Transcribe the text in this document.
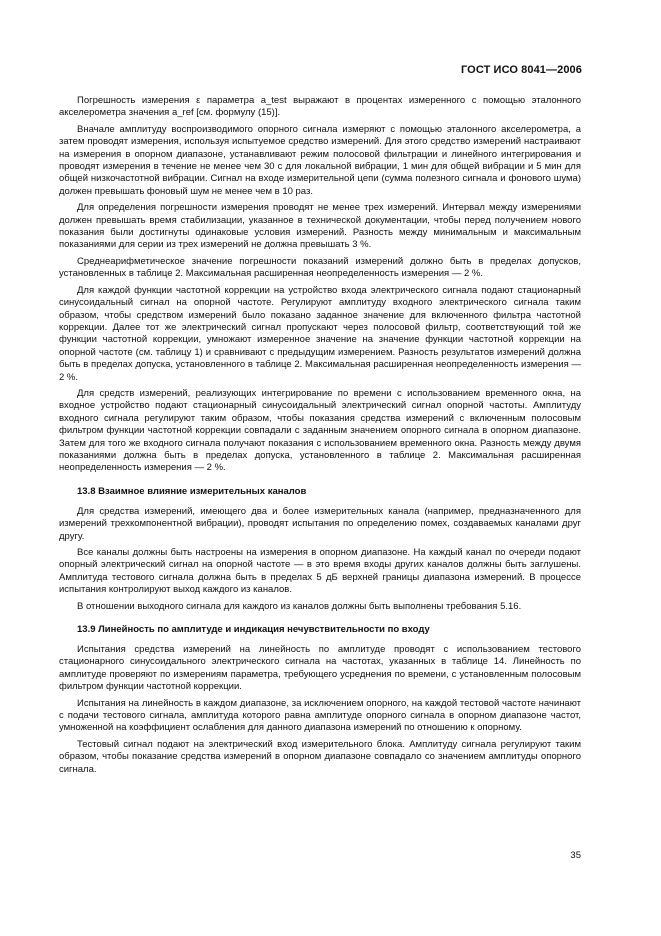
ГОСТ ИСО 8041—2006

Погрешность измерения ε параметра a_test выражают в процентах измеренного с помощью эталонного акселерометра значения a_ref [см. формулу (15)].

Вначале амплитуду воспроизводимого опорного сигнала измеряют с помощью эталонного акселерометра, а затем проводят измерения, используя испытуемое средство измерений. Для этого средство измерений настраивают на измерения в опорном диапазоне, устанавливают режим полосовой фильтрации и линейного интегрирования и проводят измерения в течение не менее чем 30 с для локальной вибрации, 1 мин для общей вибрации и 5 мин для общей низкочастотной вибрации. Сигнал на входе измерительной цепи (сумма полезного сигнала и фонового шума) должен превышать фоновый шум не менее чем в 10 раз.

Для определения погрешности измерения проводят не менее трех измерений. Интервал между измерениями должен превышать время стабилизации, указанное в технической документации, чтобы перед получением нового показания были достигнуты одинаковые условия измерений. Разность между минимальным и максимальным показаниями для серии из трех измерений не должна превышать 3 %.

Среднеарифметическое значение погрешности показаний измерений должно быть в пределах допусков, установленных в таблице 2. Максимальная расширенная неопределенность измерения — 2 %.

Для каждой функции частотной коррекции на устройство входа электрического сигнала подают стационарный синусоидальный сигнал на опорной частоте. Регулируют амплитуду входного электрического сигнала таким образом, чтобы средством измерений было показано заданное значение для включенного фильтра частотной коррекции. Далее тот же электрический сигнал пропускают через полосовой фильтр, соответствующий той же функции частотной коррекции, умножают измеренное значение на значение функции частотной коррекции на опорной частоте (см. таблицу 1) и сравнивают с предыдущим измерением. Разность результатов измерений должна быть в пределах допуска, установленного в таблице 2. Максимальная расширенная неопределенность измерения — 2 %.

Для средств измерений, реализующих интегрирование по времени с использованием временного окна, на входное устройство подают стационарный синусоидальный электрический сигнал опорной частоты. Амплитуду входного сигнала регулируют таким образом, чтобы показания средства измерений с включенным полосовым фильтром функции частотной коррекции совпадали с заданным значением опорного сигнала в опорном диапазоне. Затем для того же входного сигнала получают показания с использованием временного окна. Разность между двумя показаниями должна быть в пределах допуска, установленного в таблице 2. Максимальная расширенная неопределенность измерения — 2 %.

13.8 Взаимное влияние измерительных каналов

Для средства измерений, имеющего два и более измерительных канала (например, предназначенного для измерений трехкомпонентной вибрации), проводят испытания по определению помех, создаваемых каналами друг другу.

Все каналы должны быть настроены на измерения в опорном диапазоне. На каждый канал по очереди подают опорный электрический сигнал на опорной частоте — в это время входы других каналов должны быть заглушены. Амплитуда тестового сигнала должна быть в пределах 5 дБ верхней границы диапазона измерений. В процессе испытания контролируют выход каждого из каналов.

В отношении выходного сигнала для каждого из каналов должны быть выполнены требования 5.16.

13.9 Линейность по амплитуде и индикация нечувствительности по входу

Испытания средства измерений на линейность по амплитуде проводят с использованием тестового стационарного синусоидального электрического сигнала на частотах, указанных в таблице 14. Линейность по амплитуде проверяют по измерениям параметра, требующего усреднения по времени, с установленным полосовым фильтром функции частотной коррекции.

Испытания на линейность в каждом диапазоне, за исключением опорного, на каждой тестовой частоте начинают с подачи тестового сигнала, амплитуда которого равна амплитуде опорного сигнала в опорном диапазоне частот, умноженной на коэффициент ослабления для данного диапазона измерений по отношению к опорному.

Тестовый сигнал подают на электрический вход измерительного блока. Амплитуду сигнала регулируют таким образом, чтобы показание средства измерений в опорном диапазоне совпадало со значением амплитуды опорного сигнала.

35
